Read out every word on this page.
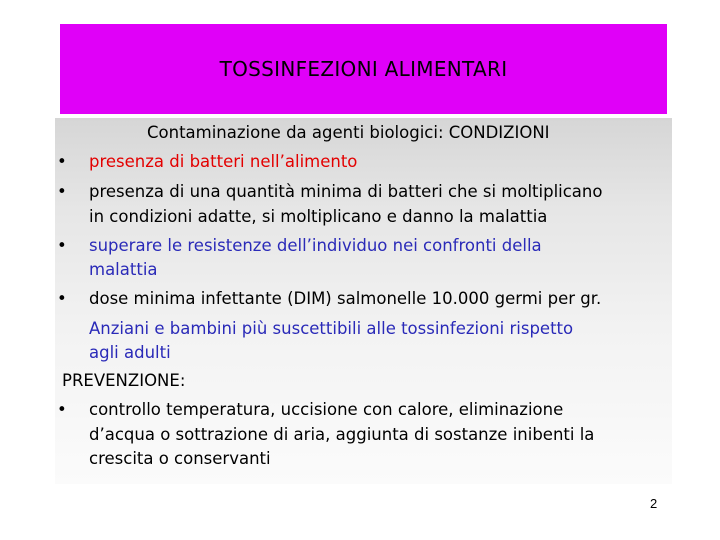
TOSSINFEZIONI ALIMENTARI
Contaminazione da agenti biologici: CONDIZIONI
• presenza di batteri nell’alimento
• presenza di una quantità minima di batteri che si moltiplicano
in condizioni adatte, si moltiplicano e danno la malattia
• superare le resistenze dell’individuo nei confronti della
malattia
• dose minima infettante (DIM) salmonelle 10.000 germi per gr.
Anziani e bambini più suscettibili alle tossinfezioni rispetto
agli adulti
PREVENZIONE:
• controllo temperatura, uccisione con calore, eliminazione
d’acqua o sottrazione di aria, aggiunta di sostanze inibenti la
crescita o conservanti
2
